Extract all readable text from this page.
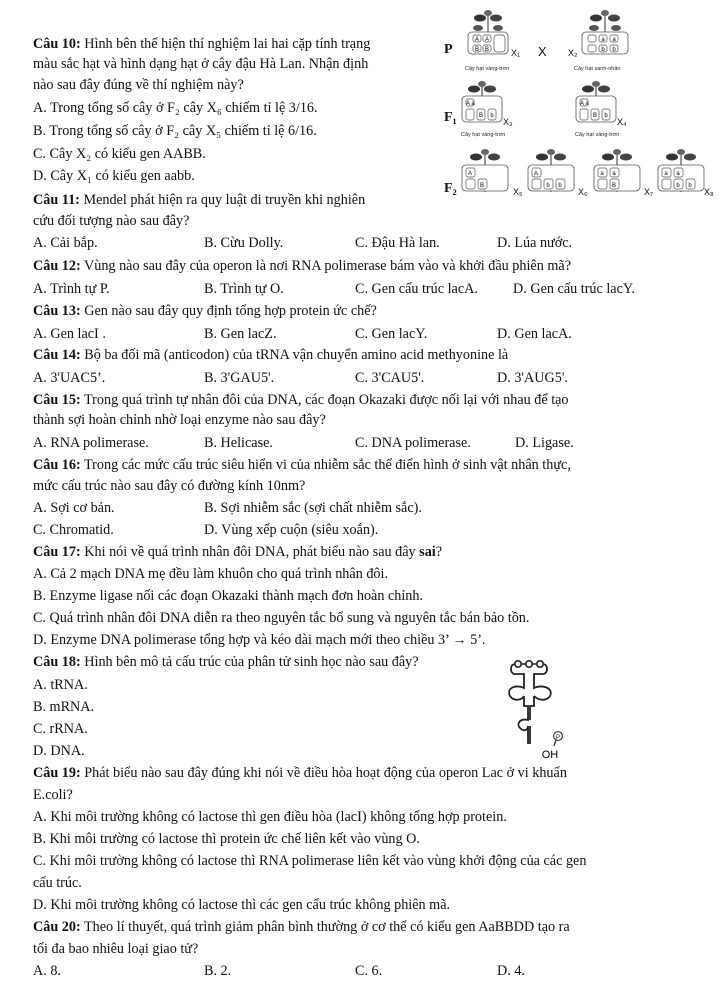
Câu 10: Hình bên thể hiện thí nghiệm lai hai cặp tính trạng
màu sắc hạt và hình dạng hạt ở cây đậu Hà Lan. Nhận định
nào sau đây đúng về thí nghiệm này?
A. Trong tổng số cây ở F₂ cây X₆ chiếm tỉ lệ 3/16.
B. Trong tổng số cây ở F₂ cây X₅ chiếm tỉ lệ 6/16.
C. Cây X₂ có kiểu gen AABB.
D. Cây X₁ có kiểu gen aabb.
P
F₁
F₂
X
A A
B B X₁
Cây hạt vàng-trơn
a a
b b
X₂
Cây hạt xanh-nhăn
A a
B b
X₃
Cây hạt vàng-trơn
A a
B b
X₄
Cây hạt vàng-trơn
A
B
X₅
A
b b
X₆
a a
B
X₇
a a
b b
X₈
Câu 11: Mendel phát hiện ra quy luật di truyền khi nghiên
cứu đối tượng nào sau đây?
A. Cải bắp.	B. Cừu Dolly.	C. Đậu Hà lan.	D. Lúa nước.
Câu 12: Vùng nào sau đây của operon là nơi RNA polimerase bám vào và khởi đầu phiên mã?
A. Trình tự P.	B. Trình tự O.	C. Gen cấu trúc lacA. D. Gen cấu trúc lacY.
Câu 13: Gen nào sau đây quy định tổng hợp protein ức chế?
A. Gen lacI .	B. Gen lacZ.	C. Gen lacY.	D. Gen lacA.
Câu 14: Bộ ba đối mã (anticodon) của tRNA vận chuyển amino acid methyonine là
A. 3'UAC5’.	B. 3'GAU5'.	C. 3'CAU5'.	D. 3'AUG5'.
Câu 15: Trong quá trình tự nhân đôi của DNA, các đoạn Okazaki được nối lại với nhau để tạo
thành sợi hoàn chỉnh nhờ loại enzyme nào sau đây?
A. RNA polimerase.	B. Helicase.	C. DNA polimerase.	D. Ligase.
Câu 16: Trong các mức cấu trúc siêu hiển vi của nhiễm sắc thể điển hình ở sinh vật nhân thực,
mức cấu trúc nào sau đây có đường kính 10nm?
A. Sợi cơ bản.	B. Sợi nhiễm sắc (sợi chất nhiễm sắc).
C. Chromatid.	D. Vùng xếp cuộn (siêu xoắn).
Câu 17: Khi nói về quá trình nhân đôi DNA, phát biểu nào sau đây sai?
A. Cả 2 mạch DNA mẹ đều làm khuôn cho quá trình nhân đôi.
B. Enzyme ligase nối các đoạn Okazaki thành mạch đơn hoàn chỉnh.
C. Quá trình nhân đôi DNA diễn ra theo nguyên tắc bổ sung và nguyên tắc bán bảo tồn.
D. Enzyme DNA polimerase tổng hợp và kéo dài mạch mới theo chiều 3’ → 5’.
Câu 18: Hình bên mô tả cấu trúc của phân tử sinh học nào sau đây?
A. tRNA.
B. mRNA.
C. rRNA.
D. DNA.
P
OH
Câu 19: Phát biểu nào sau đây đúng khi nói về điều hòa hoạt động của operon Lac ở vi khuẩn
E.coli?
A. Khi môi trường không có lactose thì gen điều hòa (lacI) không tổng hợp protein.
B. Khi môi trường có lactose thì protein ức chế liên kết vào vùng O.
C. Khi môi trường không có lactose thì RNA polimerase liên kết vào vùng khởi động của các gen
cấu trúc.
D. Khi môi trường không có lactose thì các gen cấu trúc không phiên mã.
Câu 20: Theo lí thuyết, quá trình giảm phân bình thường ở cơ thể có kiểu gen AaBBDD tạo ra
tối đa bao nhiêu loại giao tử?
A. 8.	B. 2.	C. 6.	D. 4.
